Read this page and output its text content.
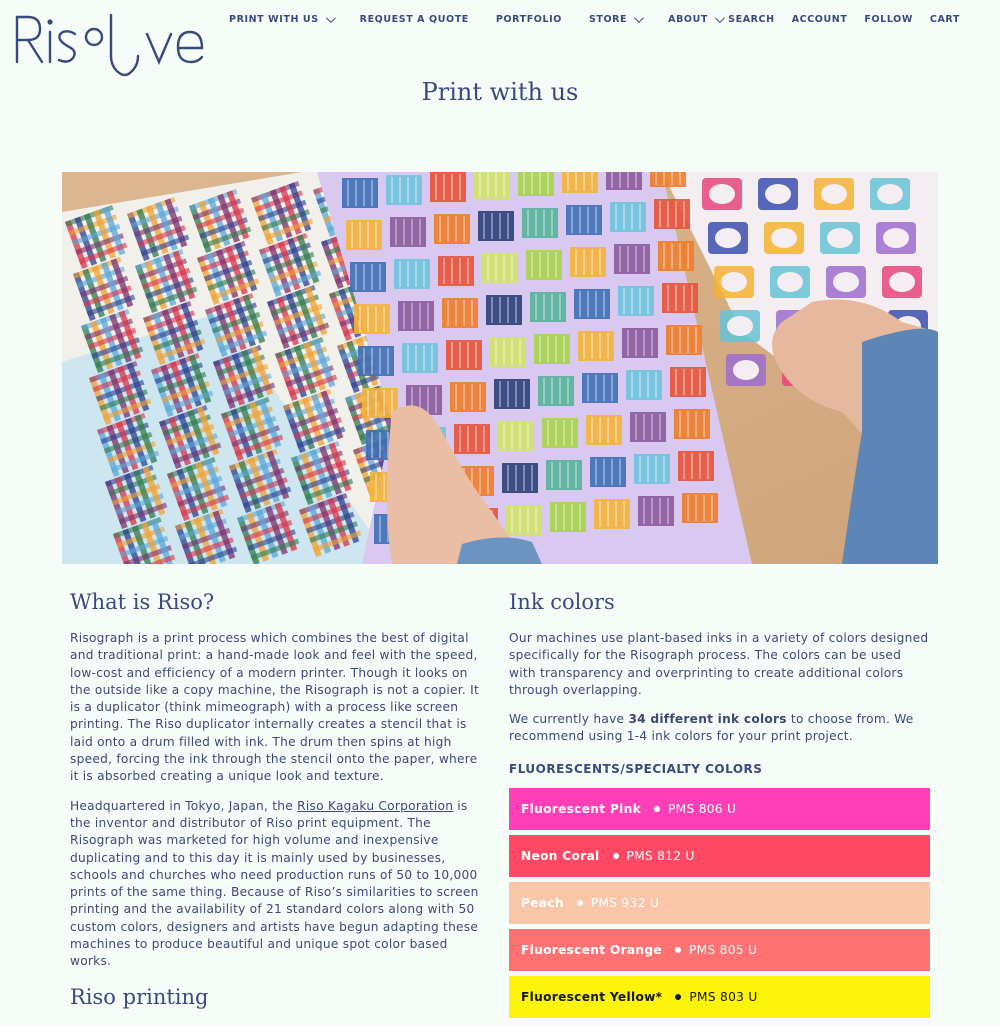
PRINT WITH US	REQUEST A QUOTE	PORTFOLIO	STORE	ABOUT SEARCH ACCOUNT FOLLOW CART
Print with us
What is Riso?

Risograph is a print process which combines the best of digital and traditional print: a hand-made look and feel with the speed, low-cost and efficiency of a modern printer. Though it looks on the outside like a copy machine, the Risograph is not a copier. It is a duplicator (think mimeograph) with a process like screen printing. The Riso duplicator internally creates a stencil that is laid onto a drum filled with ink. The drum then spins at high speed, forcing the ink through the stencil onto the paper, where it is absorbed creating a unique look and texture.

Headquartered in Tokyo, Japan, the Riso Kagaku Corporation is the inventor and distributor of Riso print equipment. The Risograph was marketed for high volume and inexpensive duplicating and to this day it is mainly used by businesses, schools and churches who need production runs of 50 to 10,000 prints of the same thing. Because of Riso’s similarities to screen printing and the availability of 21 standard colors along with 50 custom colors, designers and artists have begun adapting these machines to produce beautiful and unique spot color based works.

Riso printing
Ink colors

Our machines use plant-based inks in a variety of colors designed specifically for the Risograph process. The colors can be used with transparency and overprinting to create additional colors through overlapping.

We currently have 34 different ink colors to choose from. We recommend using 1-4 ink colors for your print project.

FLUORESCENTS/SPECIALTY COLORS
Fluorescent Pink PMS 806 U
Neon Coral PMS 812 U
Peach PMS 932 U
Fluorescent Orange PMS 805 U
Fluorescent Yellow* PMS 803 U
